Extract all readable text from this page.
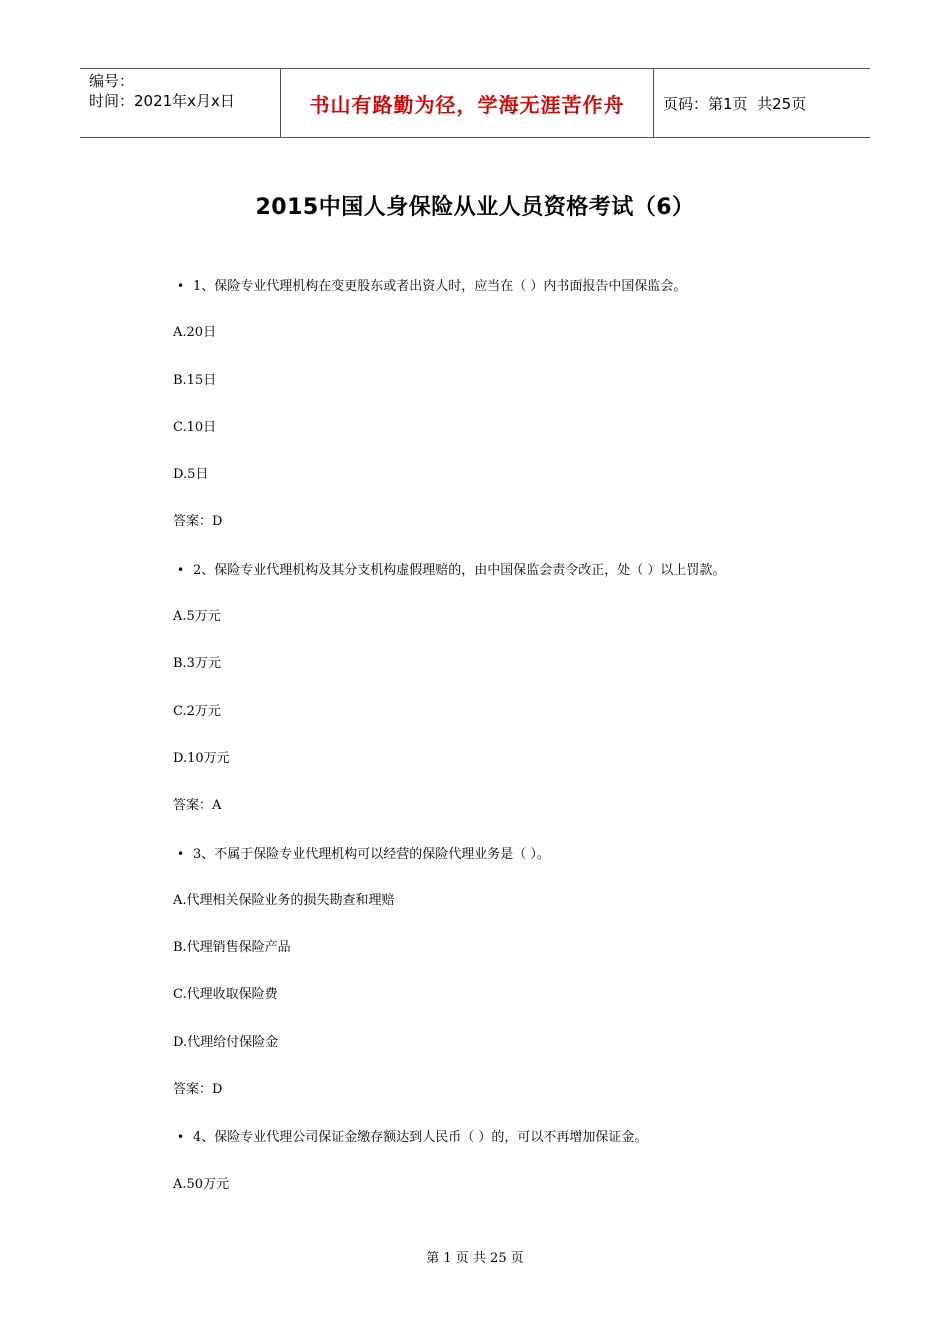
编号：
时间：2021年x月x日	书山有路勤为径，学海无涯苦作舟	页码：第1页  共25页
2015中国人身保险从业人员资格考试（6）
• 1、保险专业代理机构在变更股东或者出资人时，应当在（ ）内书面报告中国保监会。
A.20日
B.15日
C.10日
D.5日
答案：D
• 2、保险专业代理机构及其分支机构虚假理赔的，由中国保监会责令改正，处（ ）以上罚款。
A.5万元
B.3万元
C.2万元
D.10万元
答案：A
• 3、不属于保险专业代理机构可以经营的保险代理业务是（ ）。
A.代理相关保险业务的损失勘查和理赔
B.代理销售保险产品
C.代理收取保险费
D.代理给付保险金
答案：D
• 4、保险专业代理公司保证金缴存额达到人民币（ ）的，可以不再增加保证金。
A.50万元
第 1 页 共 25 页
